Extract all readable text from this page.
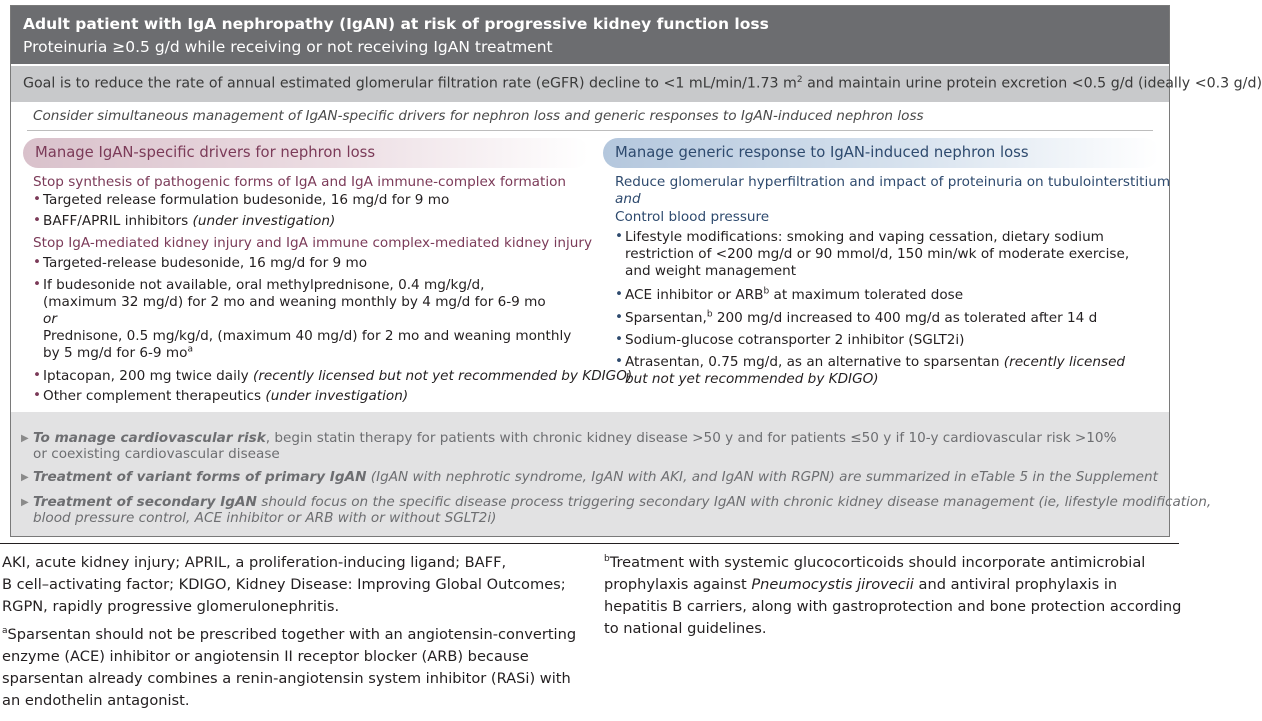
Adult patient with IgA nephropathy (IgAN) at risk of progressive kidney function loss
Proteinuria ≥0.5 g/d while receiving or not receiving IgAN treatment
Goal is to reduce the rate of annual estimated glomerular filtration rate (eGFR) decline to <1 mL/min/1.73 $m^2$ and maintain urine protein excretion <0.5 g/d (ideally <0.3 g/d)
Consider simultaneous management of IgAN-specific drivers for nephron loss and generic responses to IgAN-induced nephron loss
Manage IgAN-specific drivers for nephron loss
Stop synthesis of pathogenic forms of IgA and IgA immune-complex formation
• Targeted release formulation budesonide, 16 mg/d for 9 mo
• BAFF/APRIL inhibitors (under investigation)
Stop IgA-mediated kidney injury and IgA immune complex-mediated kidney injury
• Targeted-release budesonide, 16 mg/d for 9 mo
• If budesonide not available, oral methylprednisone, 0.4 mg/kg/d,
(maximum 32 mg/d) for 2 mo and weaning monthly by 4 mg/d for 6-9 mo
or
Prednisone, 0.5 mg/kg/d, (maximum 40 mg/d) for 2 mo and weaning monthly
by 5 mg/d for 6-9 $mo^a$
• Iptacopan, 200 mg twice daily (recently licensed but not yet recommended by KDIGO)
• Other complement therapeutics (under investigation)
Manage generic response to IgAN-induced nephron loss
Reduce glomerular hyperfiltration and impact of proteinuria on tubulointerstitium
and
Control blood pressure
• Lifestyle modifications: smoking and vaping cessation, dietary sodium
restriction of <200 mg/d or 90 mmol/d, 150 min/wk of moderate exercise,
and weight management
• ACE inhibitor or ARB$^b$ at maximum tolerated dose
• Sparsentan,$^b$ 200 mg/d increased to 400 mg/d as tolerated after 14 d
• Sodium-glucose cotransporter 2 inhibitor (SGLT2i)
• Atrasentan, 0.75 mg/d, as an alternative to sparsentan (recently licensed
but not yet recommended by KDIGO)
▶ To manage cardiovascular risk, begin statin therapy for patients with chronic kidney disease >50 y and for patients ≤50 y if 10-y cardiovascular risk >10%
or coexisting cardiovascular disease
▶ Treatment of variant forms of primary IgAN (IgAN with nephrotic syndrome, IgAN with AKI, and IgAN with RGPN) are summarized in eTable 5 in the Supplement
▶ Treatment of secondary IgAN should focus on the specific disease process triggering secondary IgAN with chronic kidney disease management (ie, lifestyle modification,
blood pressure control, ACE inhibitor or ARB with or without SGLT2i)
AKI, acute kidney injury; APRIL, a proliferation-inducing ligand; BAFF,
B cell–activating factor; KDIGO, Kidney Disease: Improving Global Outcomes;
RGPN, rapidly progressive glomerulonephritis.
$^a$Sparsentan should not be prescribed together with an angiotensin-converting
enzyme (ACE) inhibitor or angiotensin II receptor blocker (ARB) because
sparsentan already combines a renin-angiotensin system inhibitor (RASi) with
an endothelin antagonist.
$^b$Treatment with systemic glucocorticoids should incorporate antimicrobial
prophylaxis against Pneumocystis jirovecii and antiviral prophylaxis in
hepatitis B carriers, along with gastroprotection and bone protection according
to national guidelines.
